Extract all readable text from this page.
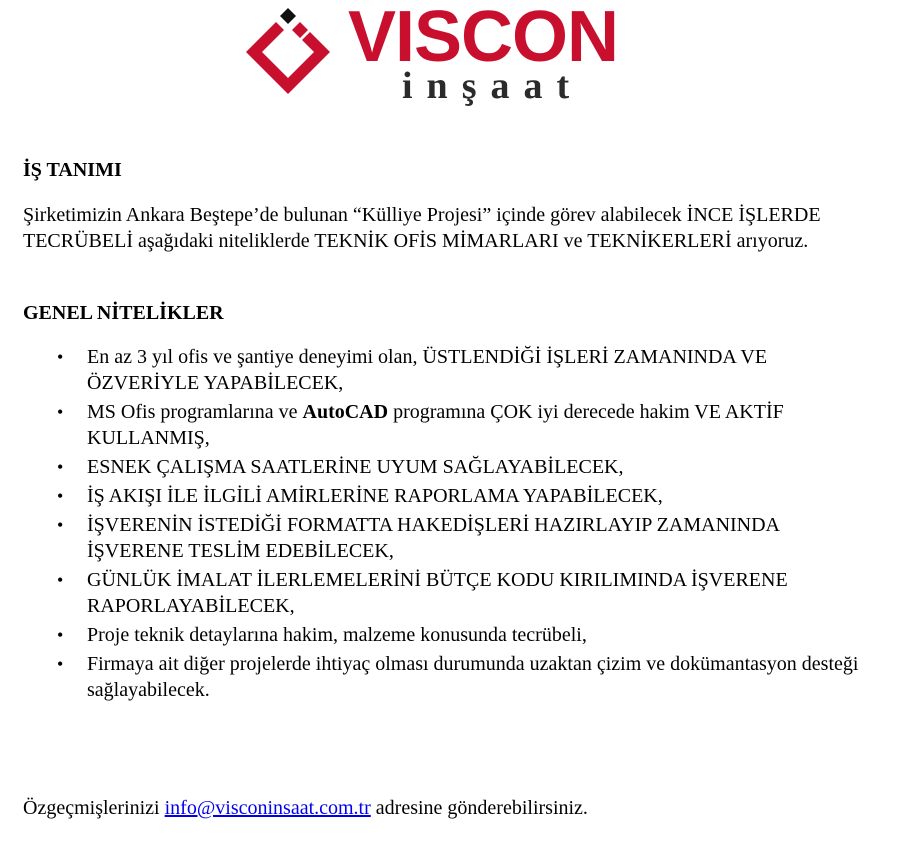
VISCON
inşaat
İŞ TANIMI

Şirketimizin Ankara Beştepe’de bulunan “Külliye Projesi” içinde görev alabilecek İNCE İŞLERDE TECRÜBELİ aşağıdaki niteliklerde TEKNİK OFİS MİMARLARI ve TEKNİKERLERİ arıyoruz.

GENEL NİTELİKLER
• En az 3 yıl ofis ve şantiye deneyimi olan, ÜSTLENDİĞİ İŞLERİ ZAMANINDA VE ÖZVERİYLE YAPABİLECEK,
• MS Ofis programlarına ve AutoCAD programına ÇOK iyi derecede hakim VE AKTİF KULLANMIŞ,
• ESNEK ÇALIŞMA SAATLERİNE UYUM SAĞLAYABİLECEK,
• İŞ AKIŞI İLE İLGİLİ AMİRLERİNE RAPORLAMA YAPABİLECEK,
• İŞVERENİN İSTEDİĞİ FORMATTA HAKEDİŞLERİ HAZIRLAYIP ZAMANINDA İŞVERENE TESLİM EDEBİLECEK,
• GÜNLÜK İMALAT İLERLEMELERİNİ BÜTÇE KODU KIRILIMINDA İŞVERENE RAPORLAYABİLECEK,
• Proje teknik detaylarına hakim, malzeme konusunda tecrübeli,
• Firmaya ait diğer projelerde ihtiyaç olması durumunda uzaktan çizim ve dokümantasyon desteği sağlayabilecek.
Özgeçmişlerinizi info@visconinsaat.com.tr adresine gönderebilirsiniz.
